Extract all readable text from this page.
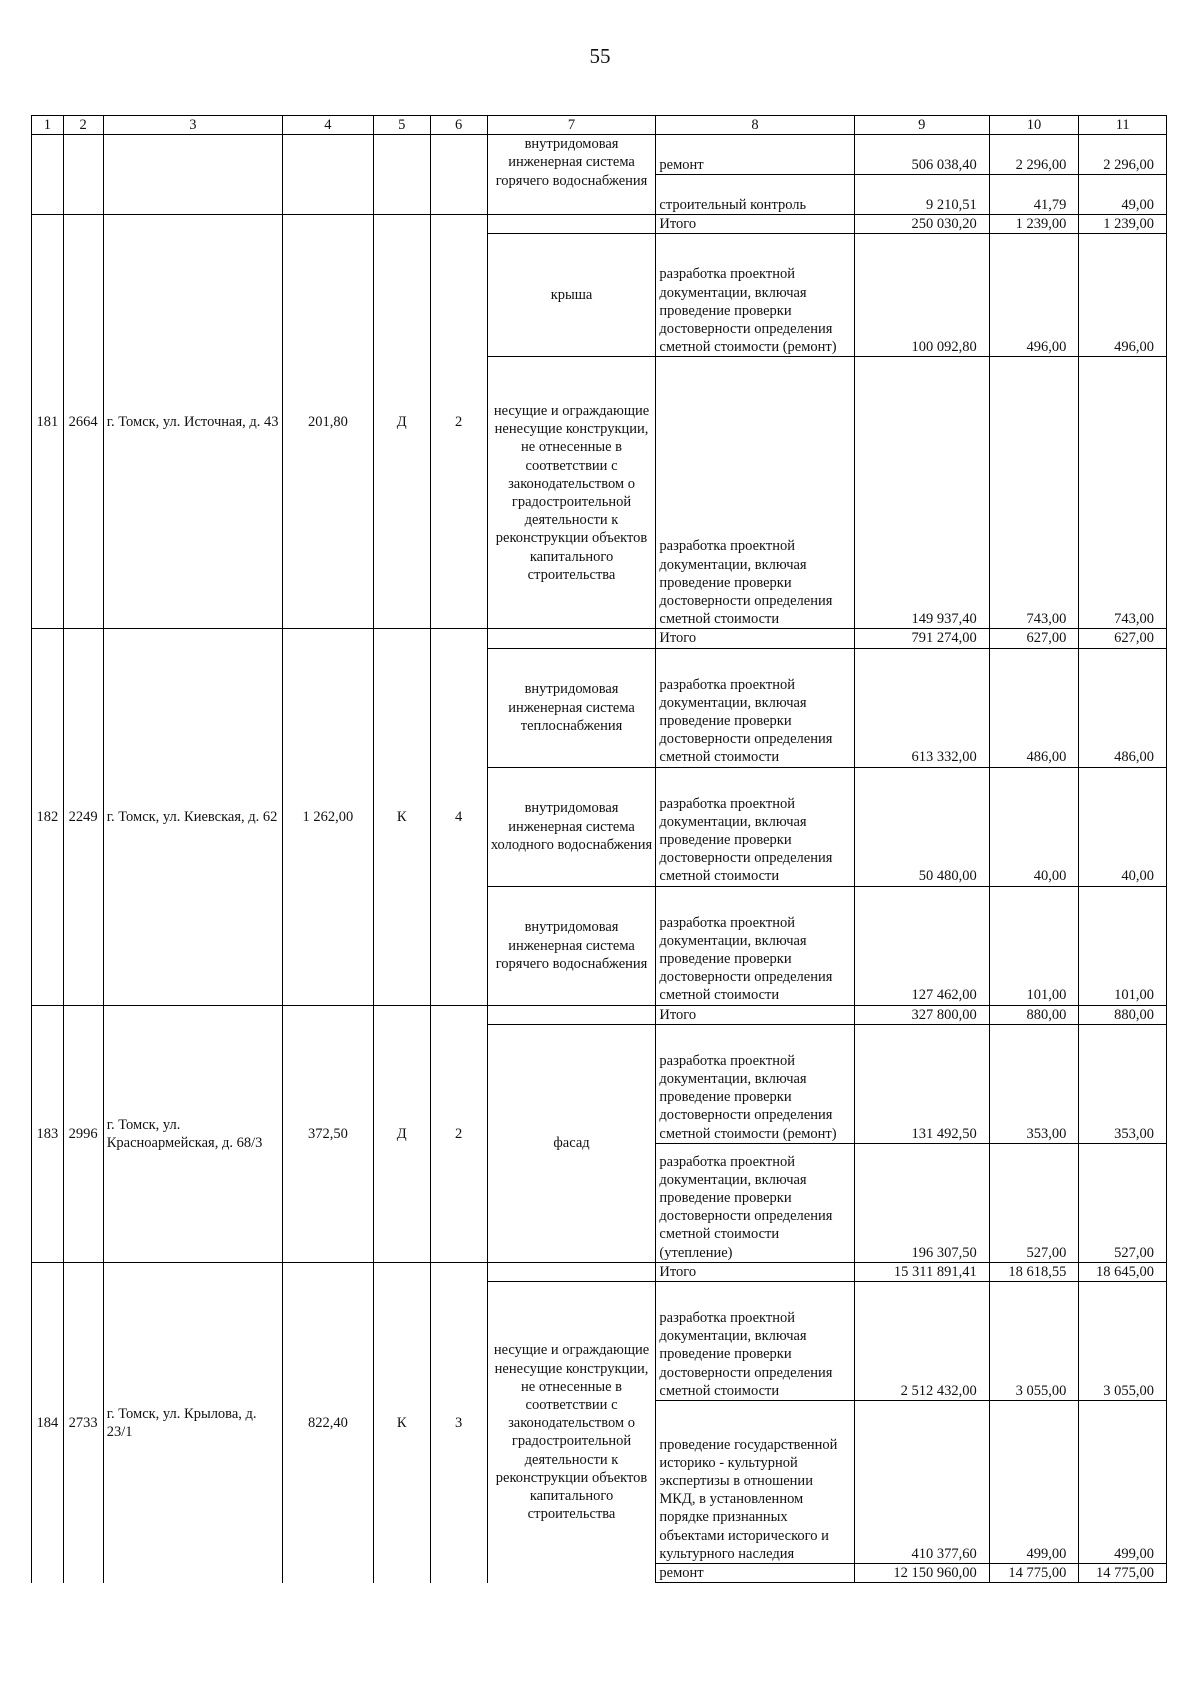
55
1	2	3	4	5	6	7	8	9	10	11
						внутридомовая инженерная система горячего водоснабжения	ремонт	506 038,40	2 296,00	2 296,00
							строительный контроль	9 210,51	41,79	49,00
181	2664	г. Томск, ул. Источная, д. 43	201,80	Д	2		Итого	250 030,20	1 239,00	1 239,00
						крыша	разработка проектной документации, включая проведение проверки достоверности определения сметной стоимости (ремонт)	100 092,80	496,00	496,00
						несущие и ограждающие ненесущие конструкции, не отнесенные в соответствии с законодательством о градостроительной деятельности к реконструкции объектов капитального строительства	разработка проектной документации, включая проведение проверки достоверности определения сметной стоимости	149 937,40	743,00	743,00
182	2249	г. Томск, ул. Киевская, д. 62	1 262,00	К	4		Итого	791 274,00	627,00	627,00
						внутридомовая инженерная система теплоснабжения	разработка проектной документации, включая проведение проверки достоверности определения сметной стоимости	613 332,00	486,00	486,00
						внутридомовая инженерная система холодного водоснабжения	разработка проектной документации, включая проведение проверки достоверности определения сметной стоимости	50 480,00	40,00	40,00
						внутридомовая инженерная система горячего водоснабжения	разработка проектной документации, включая проведение проверки достоверности определения сметной стоимости	127 462,00	101,00	101,00
183	2996	г. Томск, ул. Красноармейская, д. 68/3	372,50	Д	2		Итого	327 800,00	880,00	880,00
						фасад	разработка проектной документации, включая проведение проверки достоверности определения сметной стоимости (ремонт)	131 492,50	353,00	353,00
							разработка проектной документации, включая проведение проверки достоверности определения сметной стоимости (утепление)	196 307,50	527,00	527,00
184	2733	г. Томск, ул. Крылова, д. 23/1	822,40	К	3		Итого	15 311 891,41	18 618,55	18 645,00
						несущие и ограждающие ненесущие конструкции, не отнесенные в соответствии с законодательством о градостроительной деятельности к реконструкции объектов капитального строительства	разработка проектной документации, включая проведение проверки достоверности определения сметной стоимости	2 512 432,00	3 055,00	3 055,00
							проведение государственной историко - культурной экспертизы в отношении МКД, в установленном порядке признанных объектами исторического и культурного наследия	410 377,60	499,00	499,00
							ремонт	12 150 960,00	14 775,00	14 775,00
